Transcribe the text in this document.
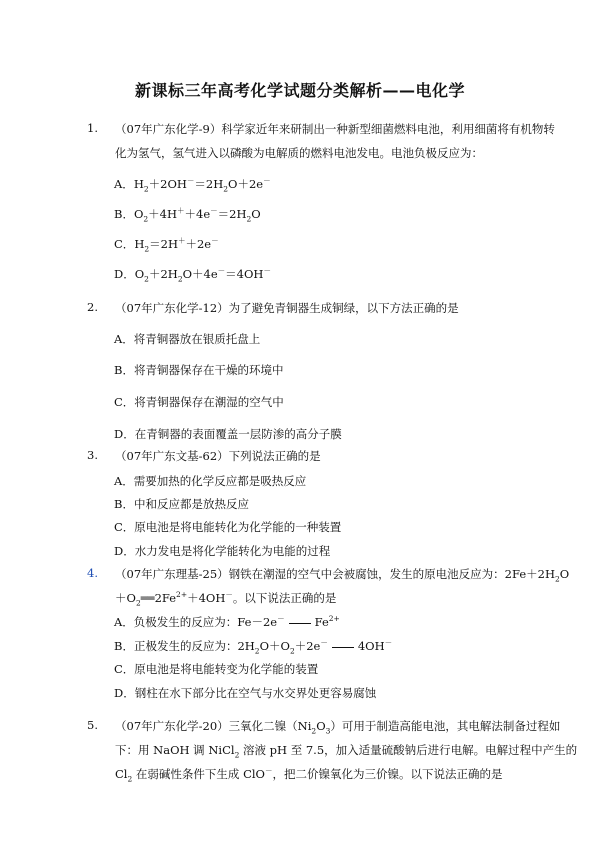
新课标三年高考化学试题分类解析——电化学
1. （07年广东化学-9）科学家近年来研制出一种新型细菌燃料电池，利用细菌将有机物转
化为氢气，氢气进入以磷酸为电解质的燃料电池发电。电池负极反应为：
A．$H_2+2OH^-=2H_2O+2e^-$
B．$O_2+4H^++4e^-=2H_2O$
C．$H_2=2H^++2e^-$
D．$O_2+2H_2O+4e^-=4OH^-$
2. （07年广东化学-12）为了避免青铜器生成铜绿，以下方法正确的是
A．将青铜器放在银质托盘上
B．将青铜器保存在干燥的环境中
C．将青铜器保存在潮湿的空气中
D．在青铜器的表面覆盖一层防渗的高分子膜
3. （07年广东文基-62）下列说法正确的是
A．需要加热的化学反应都是吸热反应
B．中和反应都是放热反应
C．原电池是将电能转化为化学能的一种装置
D．水力发电是将化学能转化为电能的过程
4. （07年广东理基-25）钢铁在潮湿的空气中会被腐蚀，发生的原电池反应为：$2Fe+2H_2O$
$+O_2══2Fe^{2+}+4OH^-$。以下说法正确的是
A．负极发生的反应为：Fe－2e－	$Fe^{2+}$
B．正极发生的反应为：$2H_2O+O_2+2e^-$	4OH－
C．原电池是将电能转变为化学能的装置
D．钢柱在水下部分比在空气与水交界处更容易腐蚀
5. （07年广东化学-20）三氧化二镍$(Ni_2O_3)$可用于制造高能电池，其电解法制备过程如
下：用 NaOH 调 NiCl$_2$ 溶液 pH 至 7.5，加入适量硫酸钠后进行电解。电解过程中产生的
$Cl_2$ 在弱碱性条件下生成 ClO－，把二价镍氧化为三价镍。以下说法正确的是
